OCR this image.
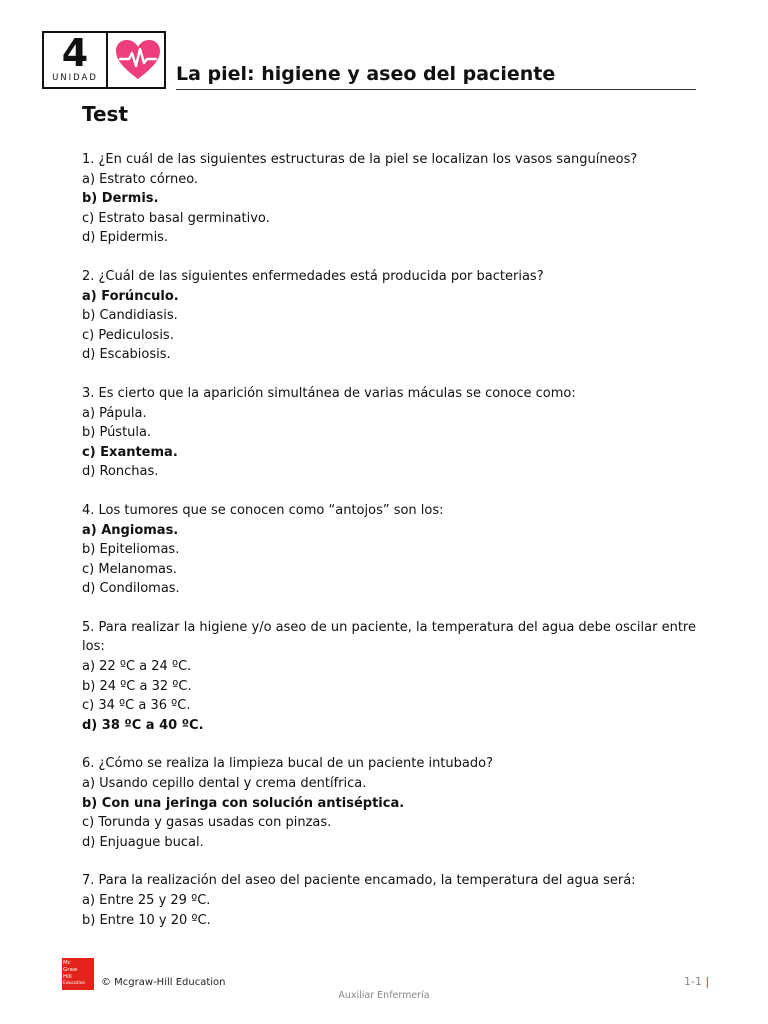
4
UNIDAD	La piel: higiene y aseo del paciente
Test

1. ¿En cuál de las siguientes estructuras de la piel se localizan los vasos sanguíneos?

a) Estrato córneo.

b) Dermis.

c) Estrato basal germinativo.

d) Epidermis.

2. ¿Cuál de las siguientes enfermedades está producida por bacterias?

a) Forúnculo.

b) Candidiasis.

c) Pediculosis.

d) Escabiosis.

3. Es cierto que la aparición simultánea de varias máculas se conoce como:

a) Pápula.

b) Pústula.

c) Exantema.

d) Ronchas.

4. Los tumores que se conocen como “antojos” son los:

a) Angiomas.

b) Epiteliomas.

c) Melanomas.

d) Condilomas.

5. Para realizar la higiene y/o aseo de un paciente, la temperatura del agua debe oscilar entre los:

a) 22 ºC a 24 ºC.

b) 24 ºC a 32 ºC.

c) 34 ºC a 36 ºC.

d) 38 ºC a 40 ºC.

6. ¿Cómo se realiza la limpieza bucal de un paciente intubado?

a) Usando cepillo dental y crema dentífrica.

b) Con una jeringa con solución antiséptica.

c) Torunda y gasas usadas con pinzas.

d) Enjuague bucal.

7. Para la realización del aseo del paciente encamado, la temperatura del agua será:

a) Entre 25 y 29 ºC.

b) Entre 10 y 20 ºC.

Mc
Graw
Hill
Education © Mcgraw-Hill Education	1-1 |
Auxiliar Enfermería
